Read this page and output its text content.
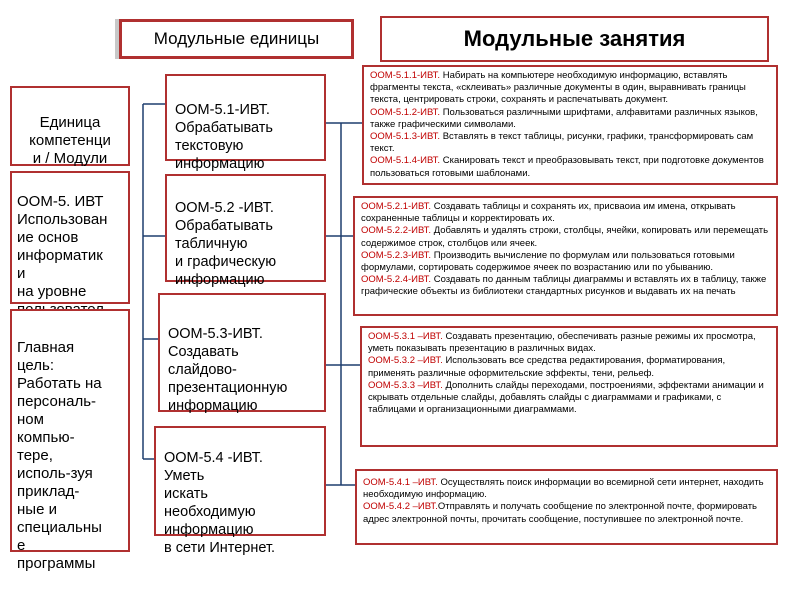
Модульные единицы	Модульные занятия

Единица
компетенци
и / Модули

ООМ-5. ИВТ
Использован
ие основ
информатик
и
на уровне

Главная
цель:
Работать на
персональ-
ном
компью-
тере,
исполь-зуя
приклад-
ные и
специальны
е
программы

ООМ-5.1-ИВТ.
Обрабатывать
текстовую
информацию

ООМ-5.2 -ИВТ.
Обрабатывать
табличную
и графическую
информацию

ООМ-5.3-ИВТ.
Создавать
слайдово-
презентационную
информацию

ООМ-5.4 -ИВТ.
Уметь
искать
необходимую
информацию
в сети Интернет.

ООМ-5.1.1-ИВТ. Набирать на компьютере необходимую информацию, вставлять фрагменты текста, «склеивать» различные документы в один, выравнивать границы текста, центрировать строки, сохранять и распечатывать документ.

ООМ-5.1.2-ИВТ. Пользоваться различными шрифтами, алфавитами различных языков, также графическими символами.

ООМ-5.1.3-ИВТ. Вставлять в текст таблицы, рисунки, графики, трансформировать сам текст.

ООМ-5.1.4-ИВТ. Сканировать текст и преобразовывать текст, при подготовке документов пользоваться готовыми шаблонами.

ООМ-5.2.1-ИВТ. Создавать таблицы и сохранять их, присваоиа им имена, открывать сохраненные таблицы и корректировать их.

ООМ-5.2.2-ИВТ. Добавлять и удалять строки, столбцы, ячейки, копировать или перемещать содержимое строк, столбцов или ячеек.

ООМ-5.2.3-ИВТ. Производить вычисление по формулам или пользоваться готовыми формулами, сортировать содержимое ячеек по возрастанию или по убыванию.

ООМ-5.2.4-ИВТ. Создавать по данным таблицы диаграммы и вставлять их в таблицу, также графические объекты из библиотеки стандартных рисунков и выдавать их на печать

ООМ-5.3.1 –ИВТ. Создавать презентацию, обеспечивать разные режимы их просмотра, уметь показывать презентацию в различных видах.

ООМ-5.3.2 –ИВТ. Использовать все средства редактирования, форматирования, применять различные оформительские эффекты, тени, рельеф.

ООМ-5.3.3 –ИВТ. Дополнить слайды переходами, построениями, эффектами анимации и скрывать отдельные слайды, добавлять слайды с диаграммами и графиками, с таблицами и организационными диаграммами.

ООМ-5.4.1 –ИВТ. Осуществлять поиск информации во всемирной сети интернет, находить необходимую информацию.

ООМ-5.4.2 –ИВТ.Отправлять и получать сообщение по электронной почте, формировать адрес электронной почты, прочитать сообщение, поступившее по электронной почте.
